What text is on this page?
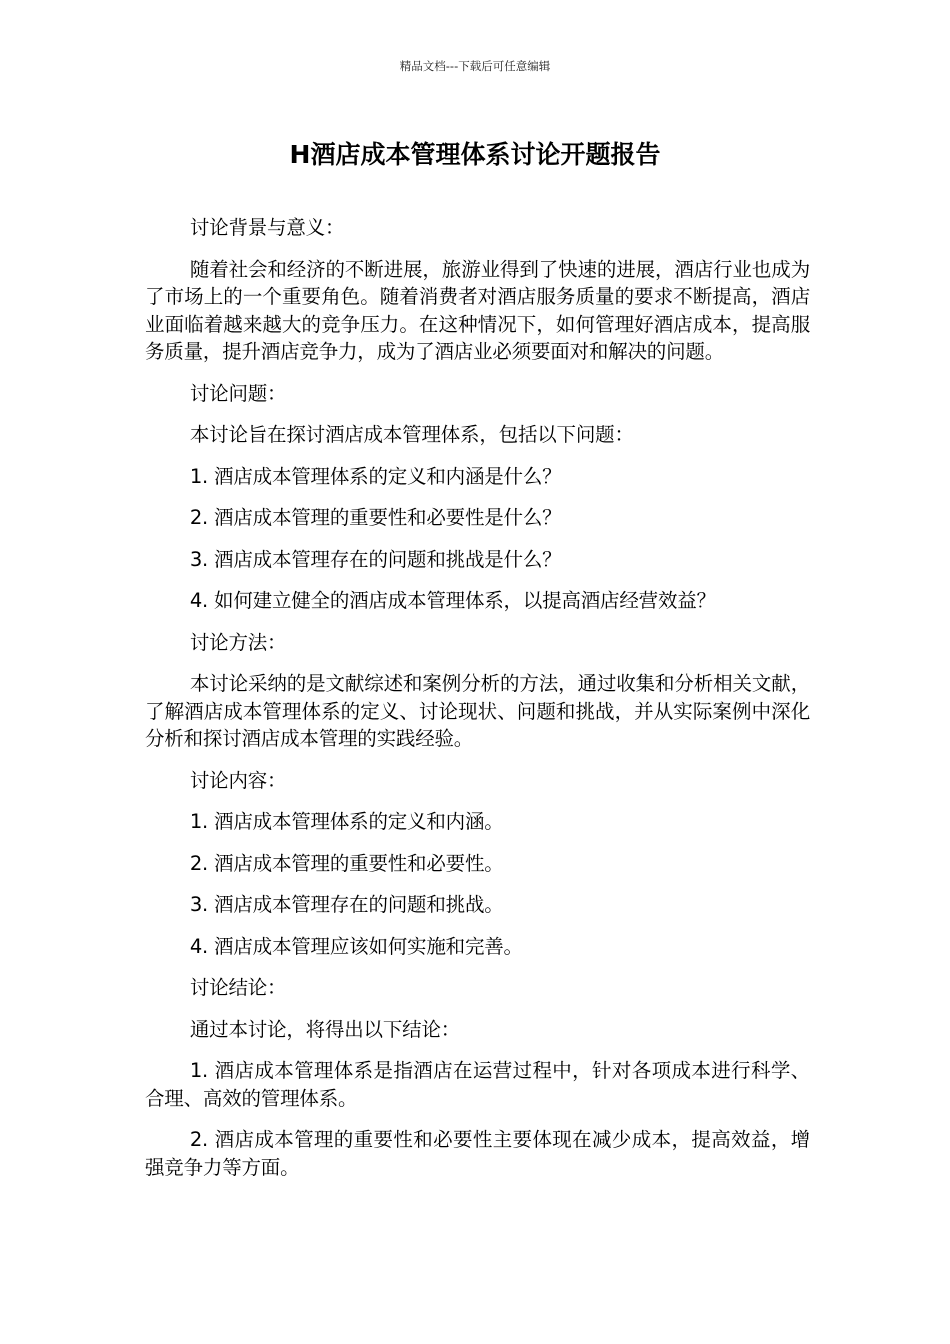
精品文档---下载后可任意编辑
H酒店成本管理体系讨论开题报告

讨论背景与意义：

随着社会和经济的不断进展，旅游业得到了快速的进展，酒店行业也成为了市场上的一个重要角色。随着消费者对酒店服务质量的要求不断提高，酒店业面临着越来越大的竞争压力。在这种情况下，如何管理好酒店成本，提高服务质量，提升酒店竞争力，成为了酒店业必须要面对和解决的问题。

讨论问题：

本讨论旨在探讨酒店成本管理体系，包括以下问题：

1. 酒店成本管理体系的定义和内涵是什么？

2. 酒店成本管理的重要性和必要性是什么？

3. 酒店成本管理存在的问题和挑战是什么？

4. 如何建立健全的酒店成本管理体系，以提高酒店经营效益？

讨论方法：

本讨论采纳的是文献综述和案例分析的方法，通过收集和分析相关文献，了解酒店成本管理体系的定义、讨论现状、问题和挑战，并从实际案例中深化分析和探讨酒店成本管理的实践经验。

讨论内容：

1. 酒店成本管理体系的定义和内涵。

2. 酒店成本管理的重要性和必要性。

3. 酒店成本管理存在的问题和挑战。

4. 酒店成本管理应该如何实施和完善。

讨论结论：

通过本讨论，将得出以下结论：

1. 酒店成本管理体系是指酒店在运营过程中，针对各项成本进行科学、合理、高效的管理体系。

2. 酒店成本管理的重要性和必要性主要体现在减少成本，提高效益，增强竞争力等方面。
